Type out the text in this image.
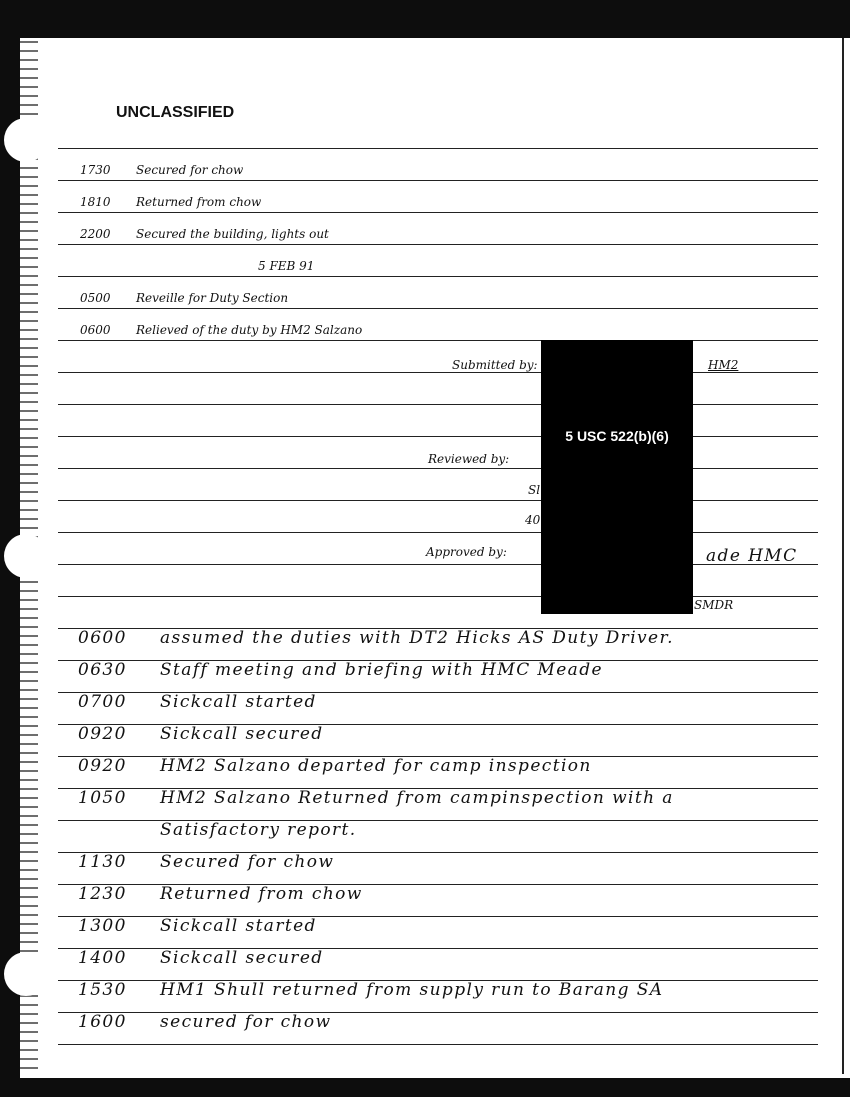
UNCLASSIFIED
1730 Secured for chow
1810 Returned from chow
2200 Secured the building, lights out
5 FEB 91
0500 Reveille for Duty Section
0600 Relieved of the duty by HM2 Salzano
Submitted by:	HM2
Reviewed by:
Sl
40
Approved by:	ade HMC
SMDR
5 USC 522(b)(6)
0600 assumed the duties with DT2 Hicks AS Duty Driver.
0630 Staff meeting and briefing with HMC Meade
0700 Sickcall started
0920 Sickcall secured
0920 HM2 Salzano departed for camp inspection
1050 HM2 Salzano Returned from campinspection with a
Satisfactory report.
1130 Secured for chow
1230 Returned from chow
1300 Sickcall started
1400 Sickcall secured
1530 HM1 Shull returned from supply run to Barang SA
1600 secured for chow
